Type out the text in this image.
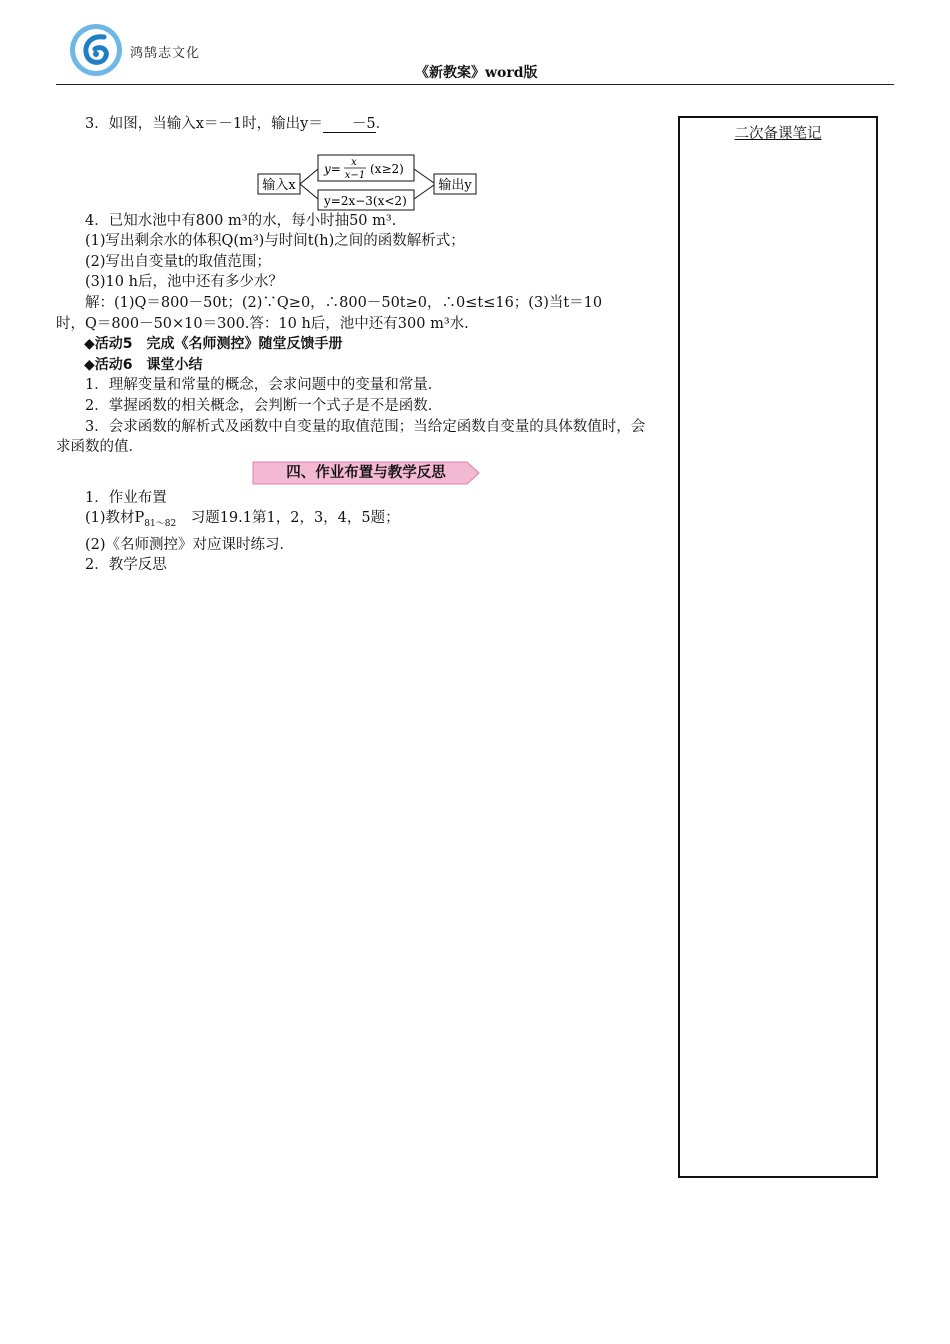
鸿鹄志文化
《新教案》word版

3．如图，当输入x＝－1时，输出y＝ －5．

输入x
y= x
x−1 (x≥2)
y=2x−3(x<2)
输出y

4．已知水池中有800 m³的水，每小时抽50 m³.

(1)写出剩余水的体积Q(m³)与时间t(h)之间的函数解析式；

(2)写出自变量t的取值范围；

(3)10 h后，池中还有多少水？

解：(1)Q＝800－50t；(2)∵Q≥0，∴800－50t≥0，∴0≤t≤16；(3)当t＝10

时，Q＝800－50×10＝300.答：10 h后，池中还有300 m³水.

◆活动5　完成《名师测控》随堂反馈手册

◆活动6　课堂小结

1．理解变量和常量的概念，会求问题中的变量和常量．

2．掌握函数的相关概念，会判断一个式子是不是函数．

3．会求函数的解析式及函数中自变量的取值范围；当给定函数自变量的具体数值时，会求函数的值．

四、作业布置与教学反思

1．作业布置

(1)教材$P_{81\sim 82}$　习题19.1第1，2，3，4，5题；

(2)《名师测控》对应课时练习．

2．教学反思

二次备课笔记
